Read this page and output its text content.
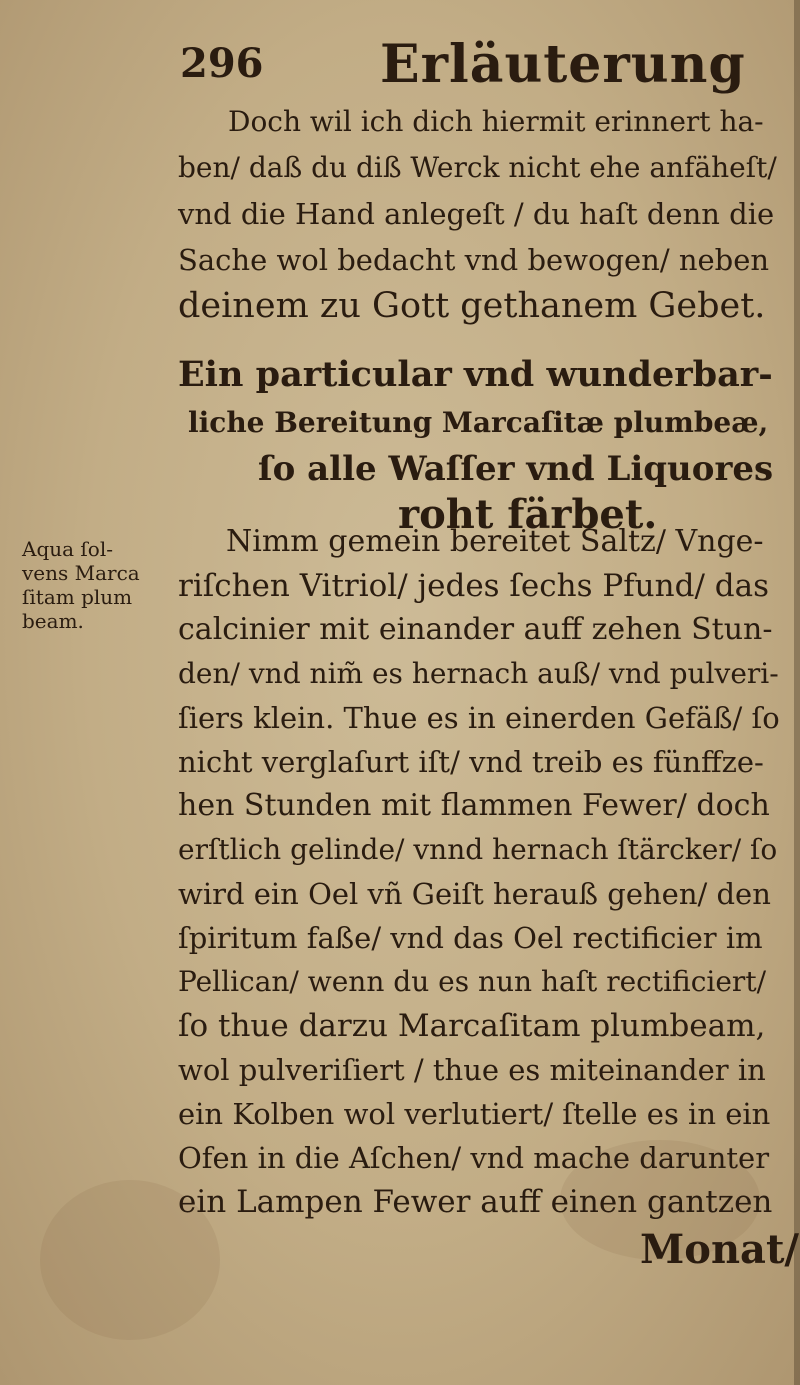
296 Erläuterung
Doch wil ich dich hiermit erinnert ha-
ben/ daß du diß Werck nicht ehe anfäheſt/
vnd die Hand anlegeſt / du haſt denn die
Sache wol bedacht vnd bewogen/ neben
deinem zu Gott gethanem Gebet.
Ein particular vnd wunderbar-
liche Bereitung Marcaſitæ plumbeæ,
ſo alle Waſſer vnd Liquores
roht färbet.
Aqua ſol-
vens Marca
ſitam plum
beam.
Nimm gemein bereitet Saltz/ Vnge-
riſchen Vitriol/ jedes ſechs Pfund/ das
calcinier mit einander auff zehen Stun-
den/ vnd nim̃ es hernach auß/ vnd pulveri-
ſiers klein. Thue es in einerden Gefäß/ ſo
nicht verglaſurt iſt/ vnd treib es fünffze-
hen Stunden mit flammen Fewer/ doch
erſtlich gelinde/ vnnd hernach ſtärcker/ ſo
wird ein Oel vñ Geiſt herauß gehen/ den
ſpiritum faße/ vnd das Oel rectificier im
Pellican/ wenn du es nun haſt rectificiert/
ſo thue darzu Marcaſitam plumbeam,
wol pulveriſiert / thue es miteinander in
ein Kolben wol verlutiert/ ſtelle es in ein
Ofen in die Aſchen/ vnd mache darunter
ein Lampen Fewer auff einen gantzen
Monat/
